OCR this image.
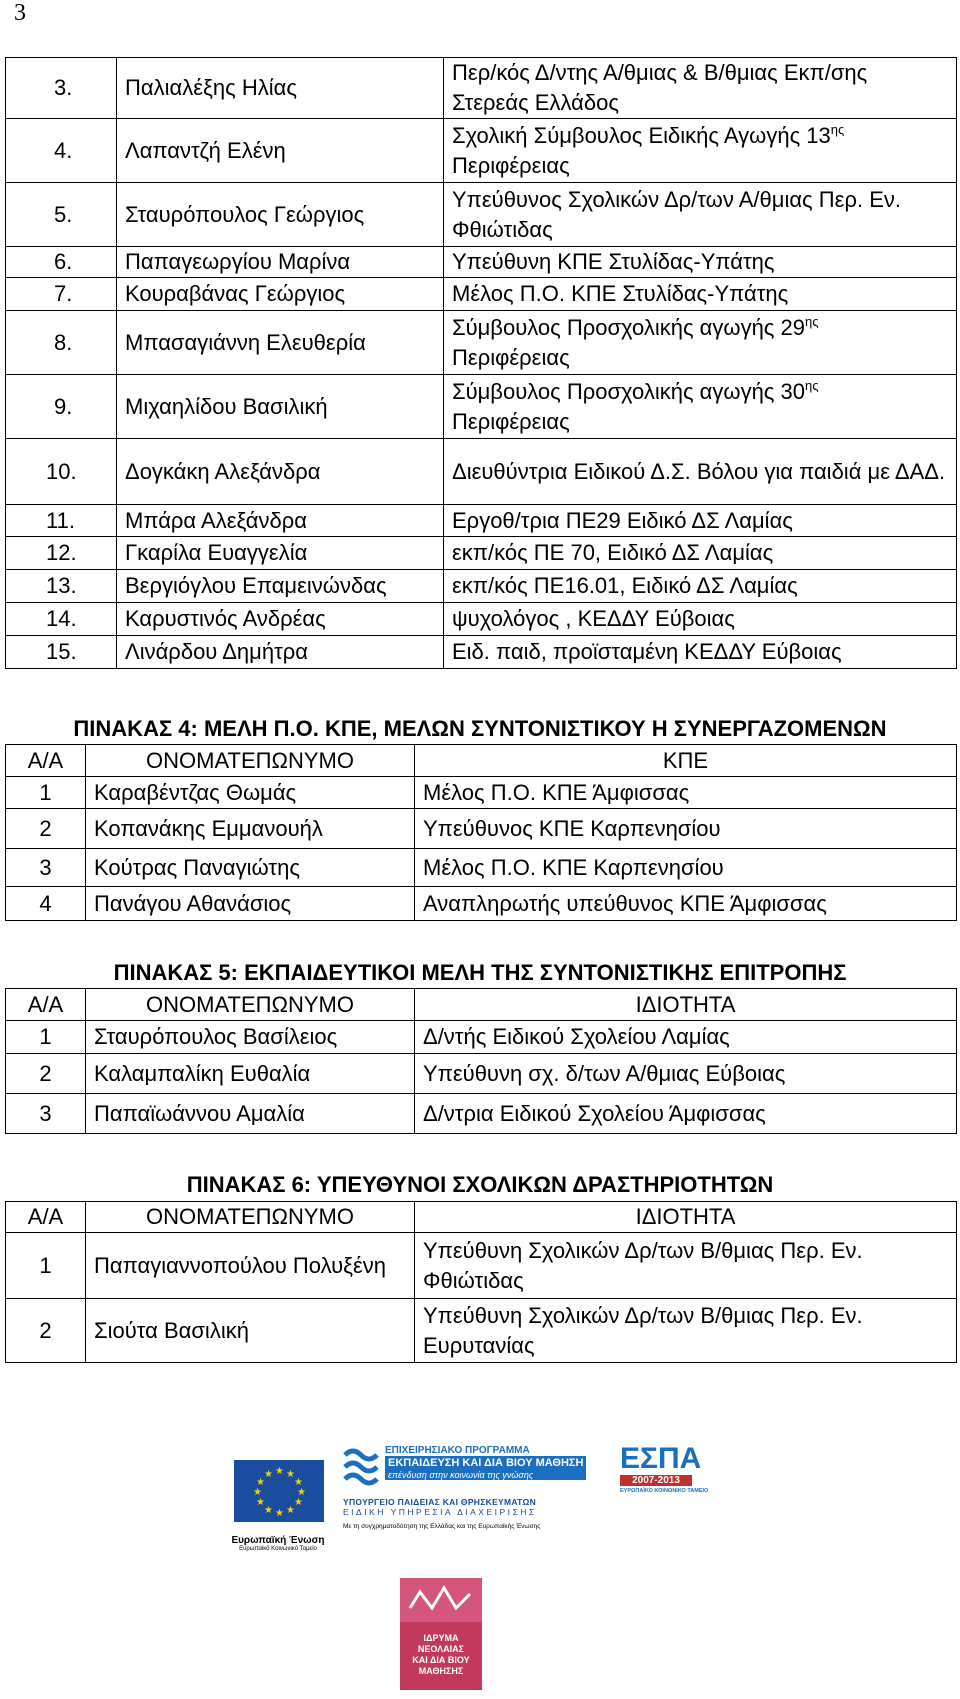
3
3.	Παλιαλέξης Ηλίας	Περ/κός Δ/ντης Α/θμιας & Β/θμιας Εκπ/σης Στερεάς Ελλάδος
4.	Λαπαντζή Ελένη	Σχολική Σύμβουλος Ειδικής Αγωγής $13^{\eta\varsigma}$
Περιφέρειας
5.	Σταυρόπουλος Γεώργιος	Υπεύθυνος Σχολικών Δρ/των Α/θμιας Περ. Εν. Φθιώτιδας
6.	Παπαγεωργίου Μαρίνα	Υπεύθυνη ΚΠΕ Στυλίδας-Υπάτης
7.	Κουραβάνας Γεώργιος	Μέλος Π.Ο. ΚΠΕ Στυλίδας-Υπάτης
8.	Μπασαγιάννη Ελευθερία	Σύμβουλος Προσχολικής αγωγής $29^{\eta\varsigma}$
Περιφέρειας
9.	Μιχαηλίδου Βασιλική	Σύμβουλος Προσχολικής αγωγής $30^{\eta\varsigma}$
Περιφέρειας
10.	Δογκάκη Αλεξάνδρα	Διευθύντρια Ειδικού Δ.Σ. Βόλου για παιδιά με ΔΑΔ.
11.	Μπάρα Αλεξάνδρα	Εργοθ/τρια ΠΕ29 Ειδικό ΔΣ Λαμίας
12.	Γκαρίλα Ευαγγελία	εκπ/κός ΠΕ 70, Ειδικό ΔΣ Λαμίας
13.	Βεργιόγλου Επαμεινώνδας	εκπ/κός ΠΕ16.01, Ειδικό ΔΣ Λαμίας
14.	Καρυστινός Ανδρέας	ψυχολόγος , ΚΕΔΔΥ Εύβοιας
15.	Λινάρδου Δημήτρα	Ειδ. παιδ, προϊσταμένη ΚΕΔΔΥ Εύβοιας
ΠΙΝΑΚΑΣ 4: ΜΕΛΗ Π.Ο. ΚΠΕ, ΜΕΛΩΝ ΣΥΝΤΟΝΙΣΤΙΚΟΥ Η ΣΥΝΕΡΓΑΖΟΜΕΝΩΝ
Α/Α	ΟΝΟΜΑΤΕΠΩΝΥΜΟ	ΚΠΕ
1	Καραβέντζας Θωμάς	Μέλος Π.Ο. ΚΠΕ Άμφισσας
2	Κοπανάκης Εμμανουήλ	Υπεύθυνος ΚΠΕ Καρπενησίου
3	Κούτρας Παναγιώτης	Μέλος Π.Ο. ΚΠΕ Καρπενησίου
4	Πανάγου Αθανάσιος	Αναπληρωτής υπεύθυνος ΚΠΕ Άμφισσας
ΠΙΝΑΚΑΣ 5: ΕΚΠΑΙΔΕΥΤΙΚΟΙ ΜΕΛΗ ΤΗΣ ΣΥΝΤΟΝΙΣΤΙΚΗΣ ΕΠΙΤΡΟΠΗΣ
Α/Α	ΟΝΟΜΑΤΕΠΩΝΥΜΟ	ΙΔΙΟΤΗΤΑ
1	Σταυρόπουλος Βασίλειος	Δ/ντής Ειδικού Σχολείου Λαμίας
2	Καλαμπαλίκη Ευθαλία	Υπεύθυνη σχ. δ/των Α/θμιας Εύβοιας
3	Παπαϊωάννου Αμαλία	Δ/ντρια Ειδικού Σχολείου Άμφισσας
ΠΙΝΑΚΑΣ 6: ΥΠΕΥΘΥΝΟΙ ΣΧΟΛΙΚΩΝ ΔΡΑΣΤΗΡΙΟΤΗΤΩΝ
Α/Α	ΟΝΟΜΑΤΕΠΩΝΥΜΟ	ΙΔΙΟΤΗΤΑ
1	Παπαγιαννοπούλου Πολυξένη	Υπεύθυνη Σχολικών Δρ/των Β/θμιας Περ. Εν. Φθιώτιδας
2	Σιούτα Βασιλική	Υπεύθυνη Σχολικών Δρ/των Β/θμιας Περ. Εν. Ευρυτανίας
★ ★
★
★
★
★
★
★
★
★
★
★
Ευρωπαϊκή Ένωση
Ευρωπαϊκό Κοινωνικό Ταμείο
ΕΠΙΧΕΙΡΗΣΙΑΚΟ ΠΡΟΓΡΑΜΜΑ
ΕΚΠΑΙΔΕΥΣΗ ΚΑΙ ΔΙΑ ΒΙΟΥ ΜΑΘΗΣΗ
επένδυση στην κοινωνία της γνώσης
ΥΠΟΥΡΓΕΙΟ ΠΑΙΔΕΙΑΣ ΚΑΙ ΘΡΗΣΚΕΥΜΑΤΩΝ
ΕΙΔΙΚΗ ΥΠΗΡΕΣΙΑ ΔΙΑΧΕΙΡΙΣΗΣ
Με τη συγχρηματοδότηση της Ελλάδας και της Ευρωπαϊκής Ένωσης
ΕΣΠΑ
2007-2013
ΕΥΡΩΠΑΪΚΟ ΚΟΙΝΩΝΙΚΟ ΤΑΜΕΙΟ
ΙΔΡΥΜΑ
ΝΕΟΛΑΙΑΣ
ΚΑΙ ΔΙΑ ΒΙΟΥ
ΜΑΘΗΣΗΣ
